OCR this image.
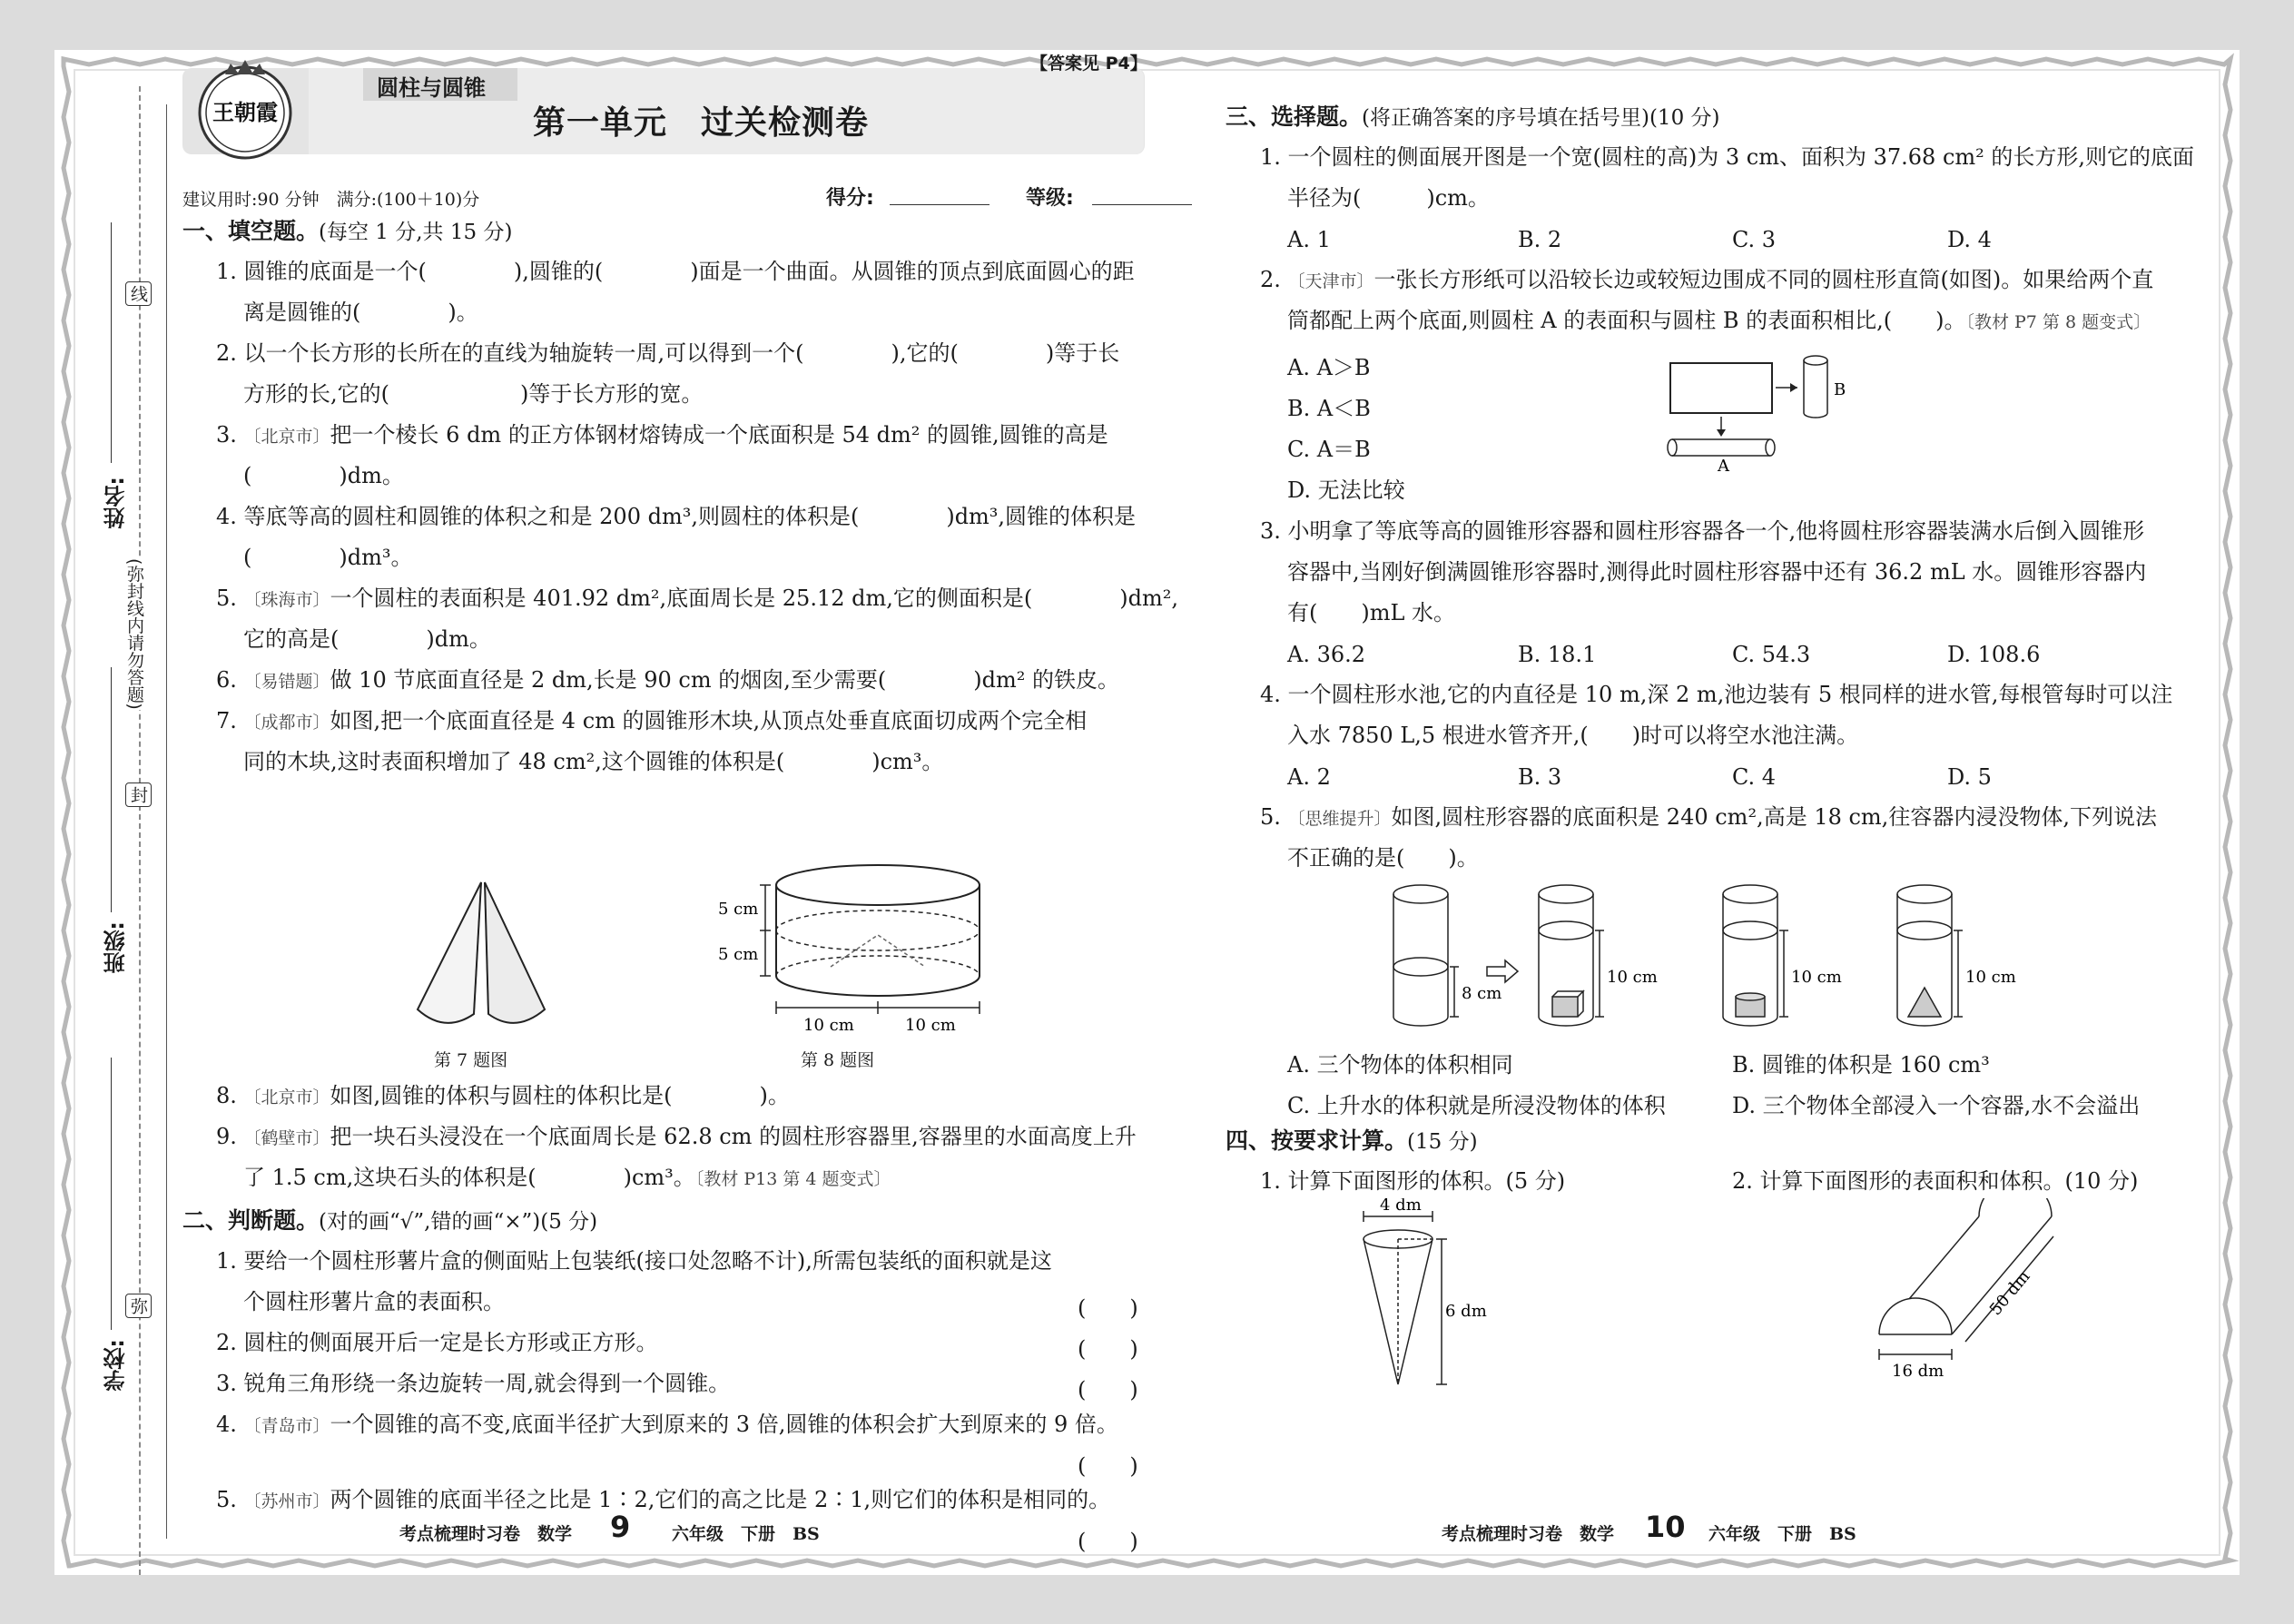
线
封
弥
(弥封线内请勿答题)
姓名:
班级:
学校:
圆柱与圆锥
【答案见 P4】
第一单元　过关检测卷
王朝霞
建议用时:90 分钟　满分:(100＋10)分	得分:	等级:
一、填空题。(每空 1 分,共 15 分)
1. 圆锥的底面是一个(　　　　),圆锥的(　　　　)面是一个曲面。从圆锥的顶点到底面圆心的距
离是圆锥的(　　　　)。
2. 以一个长方形的长所在的直线为轴旋转一周,可以得到一个(　　　　),它的(　　　　)等于长
方形的长,它的(　　　　　　)等于长方形的宽。
3. 〔北京市〕把一个棱长 6 dm 的正方体钢材熔铸成一个底面积是 54 dm² 的圆锥,圆锥的高是
(　　　　)dm。
4. 等底等高的圆柱和圆锥的体积之和是 200 dm³,则圆柱的体积是(　　　　)dm³,圆锥的体积是
(　　　　)dm³。
5. 〔珠海市〕一个圆柱的表面积是 401.92 dm²,底面周长是 25.12 dm,它的侧面积是(　　　　)dm²,
它的高是(　　　　)dm。
6. 〔易错题〕做 10 节底面直径是 2 dm,长是 90 cm 的烟囱,至少需要(　　　　)dm² 的铁皮。
7. 〔成都市〕如图,把一个底面直径是 4 cm 的圆锥形木块,从顶点处垂直底面切成两个完全相
同的木块,这时表面积增加了 48 cm²,这个圆锥的体积是(　　　　)cm³。
第 7 题图
5 cm
5 cm
10 cm	10 cm
第 8 题图
8. 〔北京市〕如图,圆锥的体积与圆柱的体积比是(　　　　)。
9. 〔鹤壁市〕把一块石头浸没在一个底面周长是 62.8 cm 的圆柱形容器里,容器里的水面高度上升
了 1.5 cm,这块石头的体积是(　　　　)cm³。〔教材 P13 第 4 题变式〕
二、判断题。(对的画“√”,错的画“×”)(5 分)
1. 要给一个圆柱形薯片盒的侧面贴上包装纸(接口处忽略不计),所需包装纸的面积就是这
个圆柱形薯片盒的表面积。	(　　)
2. 圆柱的侧面展开后一定是长方形或正方形。	(　　)
3. 锐角三角形绕一条边旋转一周,就会得到一个圆锥。	(　　)
4. 〔青岛市〕一个圆锥的高不变,底面半径扩大到原来的 3 倍,圆锥的体积会扩大到原来的 9 倍。
(　　)
5. 〔苏州市〕两个圆锥的底面半径之比是 1∶2,它们的高之比是 2∶1,则它们的体积是相同的。
(　　)
考点梳理时习卷　数学 9 六年级　下册　BS
三、选择题。(将正确答案的序号填在括号里)(10 分)
1. 一个圆柱的侧面展开图是一个宽(圆柱的高)为 3 cm、面积为 37.68 cm² 的长方形,则它的底面
半径为(　　　)cm。
A. 1	B. 2	C. 3	D. 4
2. 〔天津市〕一张长方形纸可以沿较长边或较短边围成不同的圆柱形直筒(如图)。如果给两个直
筒都配上两个底面,则圆柱 A 的表面积与圆柱 B 的表面积相比,(　　)。〔教材 P7 第 8 题变式〕
A. A＞B
B. A＜B
C. A＝B
D. 无法比较
B
A
3. 小明拿了等底等高的圆锥形容器和圆柱形容器各一个,他将圆柱形容器装满水后倒入圆锥形
容器中,当刚好倒满圆锥形容器时,测得此时圆柱形容器中还有 36.2 mL 水。圆锥形容器内
有(　　)mL 水。
A. 36.2	B. 18.1	C. 54.3	D. 108.6
4. 一个圆柱形水池,它的内直径是 10 m,深 2 m,池边装有 5 根同样的进水管,每根管每时可以注
入水 7850 L,5 根进水管齐开,(　　)时可以将空水池注满。
A. 2	B. 3	C. 4	D. 5
5. 〔思维提升〕如图,圆柱形容器的底面积是 240 cm²,高是 18 cm,往容器内浸没物体,下列说法
不正确的是(　　)。
8 cm
10 cm	10 cm	10 cm
A. 三个物体的体积相同	B. 圆锥的体积是 160 cm³
C. 上升水的体积就是所浸没物体的体积	D. 三个物体全部浸入一个容器,水不会溢出
四、按要求计算。(15 分)
1. 计算下面图形的体积。(5 分)	2. 计算下面图形的表面积和体积。(10 分)
4 dm
6 dm
16 dm
50 dm
考点梳理时习卷　数学 10 六年级　下册　BS
